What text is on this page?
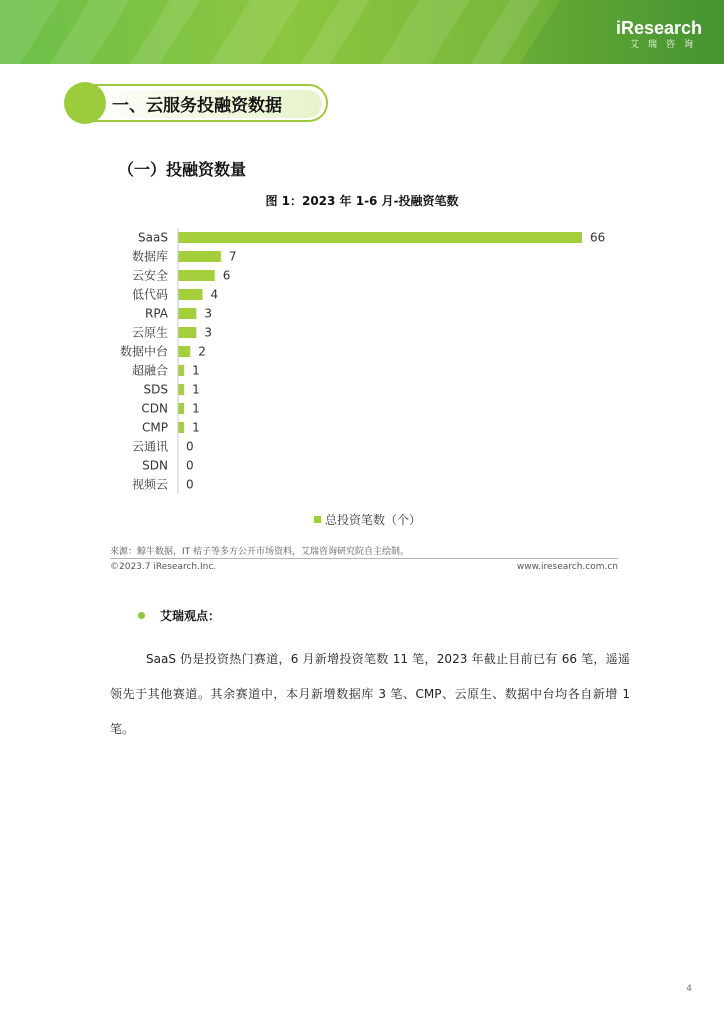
iResearch
艾瑞咨询
一、云服务投融资数据
（一）投融资数量
图 1：2023 年 1-6 月-投融资笔数
SaaS	66
数据库	7
云安全	6
低代码	4
RPA	3
云原生	3
数据中台	2
超融合 1
SDS 1
CDN 1
CMP 1
云通讯 0
SDN 0
视频云 0
总投资笔数（个）
来源：鲸牛数据，IT 桔子等多方公开市场资料，艾瑞咨询研究院自主绘制。
©2023.7 iResearch.Inc.	www.iresearch.com.cn
艾瑞观点：
SaaS 仍是投资热门赛道，6 月新增投资笔数 11 笔，2023 年截止目前已有 66 笔，遥遥领先于其他赛道。其余赛道中，本月新增数据库 3 笔、CMP、云原生、数据中台均各自新增 1 笔。
4
